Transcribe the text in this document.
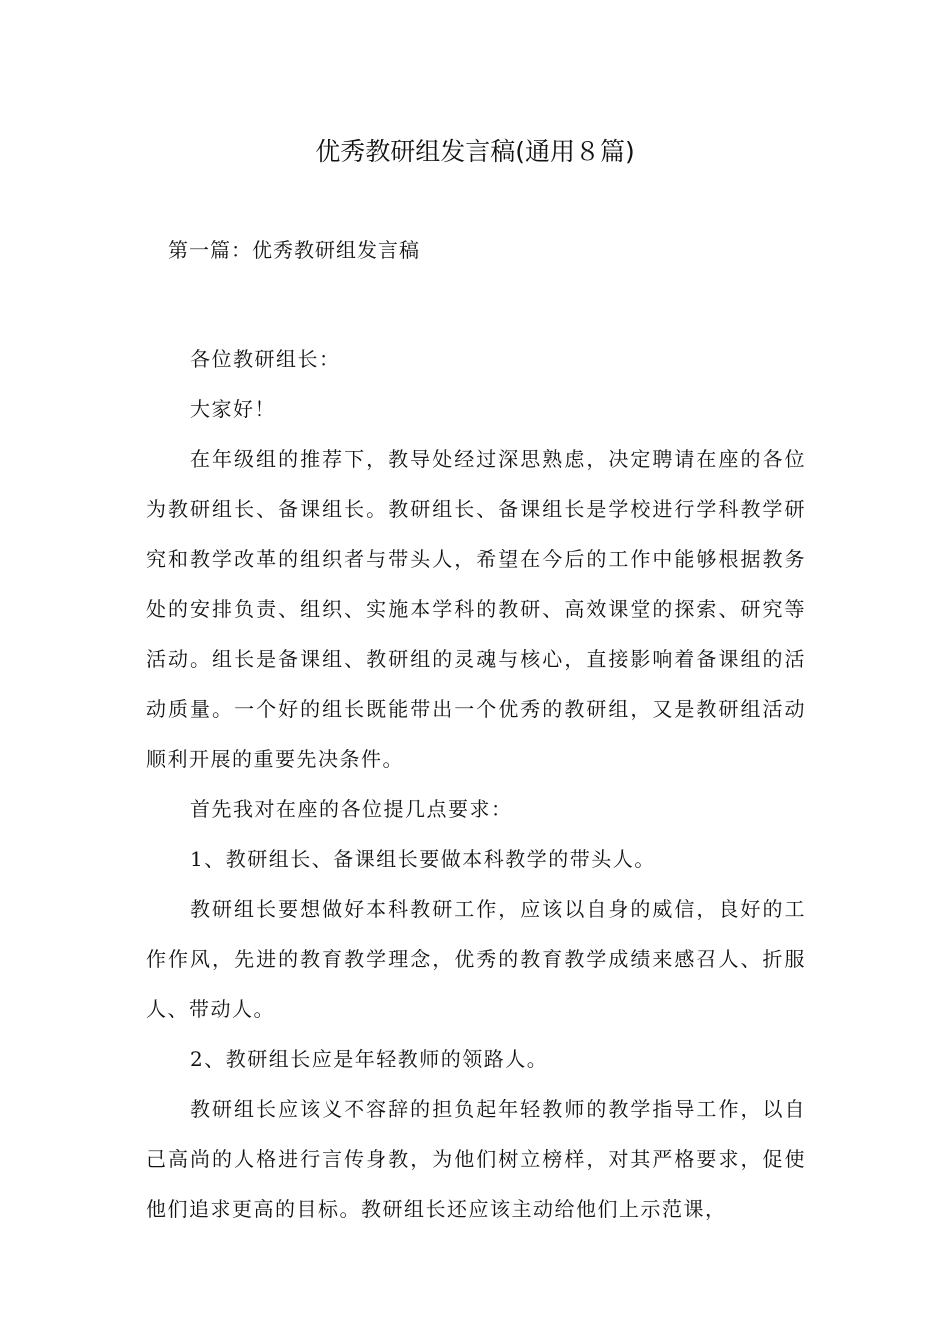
优秀教研组发言稿(通用８篇)
第一篇：优秀教研组发言稿

各位教研组长：

大家好！

在年级组的推荐下，教导处经过深思熟虑，决定聘请在座的各位为教研组长、备课组长。教研组长、备课组长是学校进行学科教学研究和教学改革的组织者与带头人，希望在今后的工作中能够根据教务处的安排负责、组织、实施本学科的教研、高效课堂的探索、研究等活动。组长是备课组、教研组的灵魂与核心，直接影响着备课组的活动质量。一个好的组长既能带出一个优秀的教研组，又是教研组活动顺利开展的重要先决条件。

首先我对在座的各位提几点要求：

1、教研组长、备课组长要做本科教学的带头人。

教研组长要想做好本科教研工作，应该以自身的威信，良好的工作作风，先进的教育教学理念，优秀的教育教学成绩来感召人、折服人、带动人。

2、教研组长应是年轻教师的领路人。

教研组长应该义不容辞的担负起年轻教师的教学指导工作，以自己高尚的人格进行言传身教，为他们树立榜样，对其严格要求，促使他们追求更高的目标。教研组长还应该主动给他们上示范课，
